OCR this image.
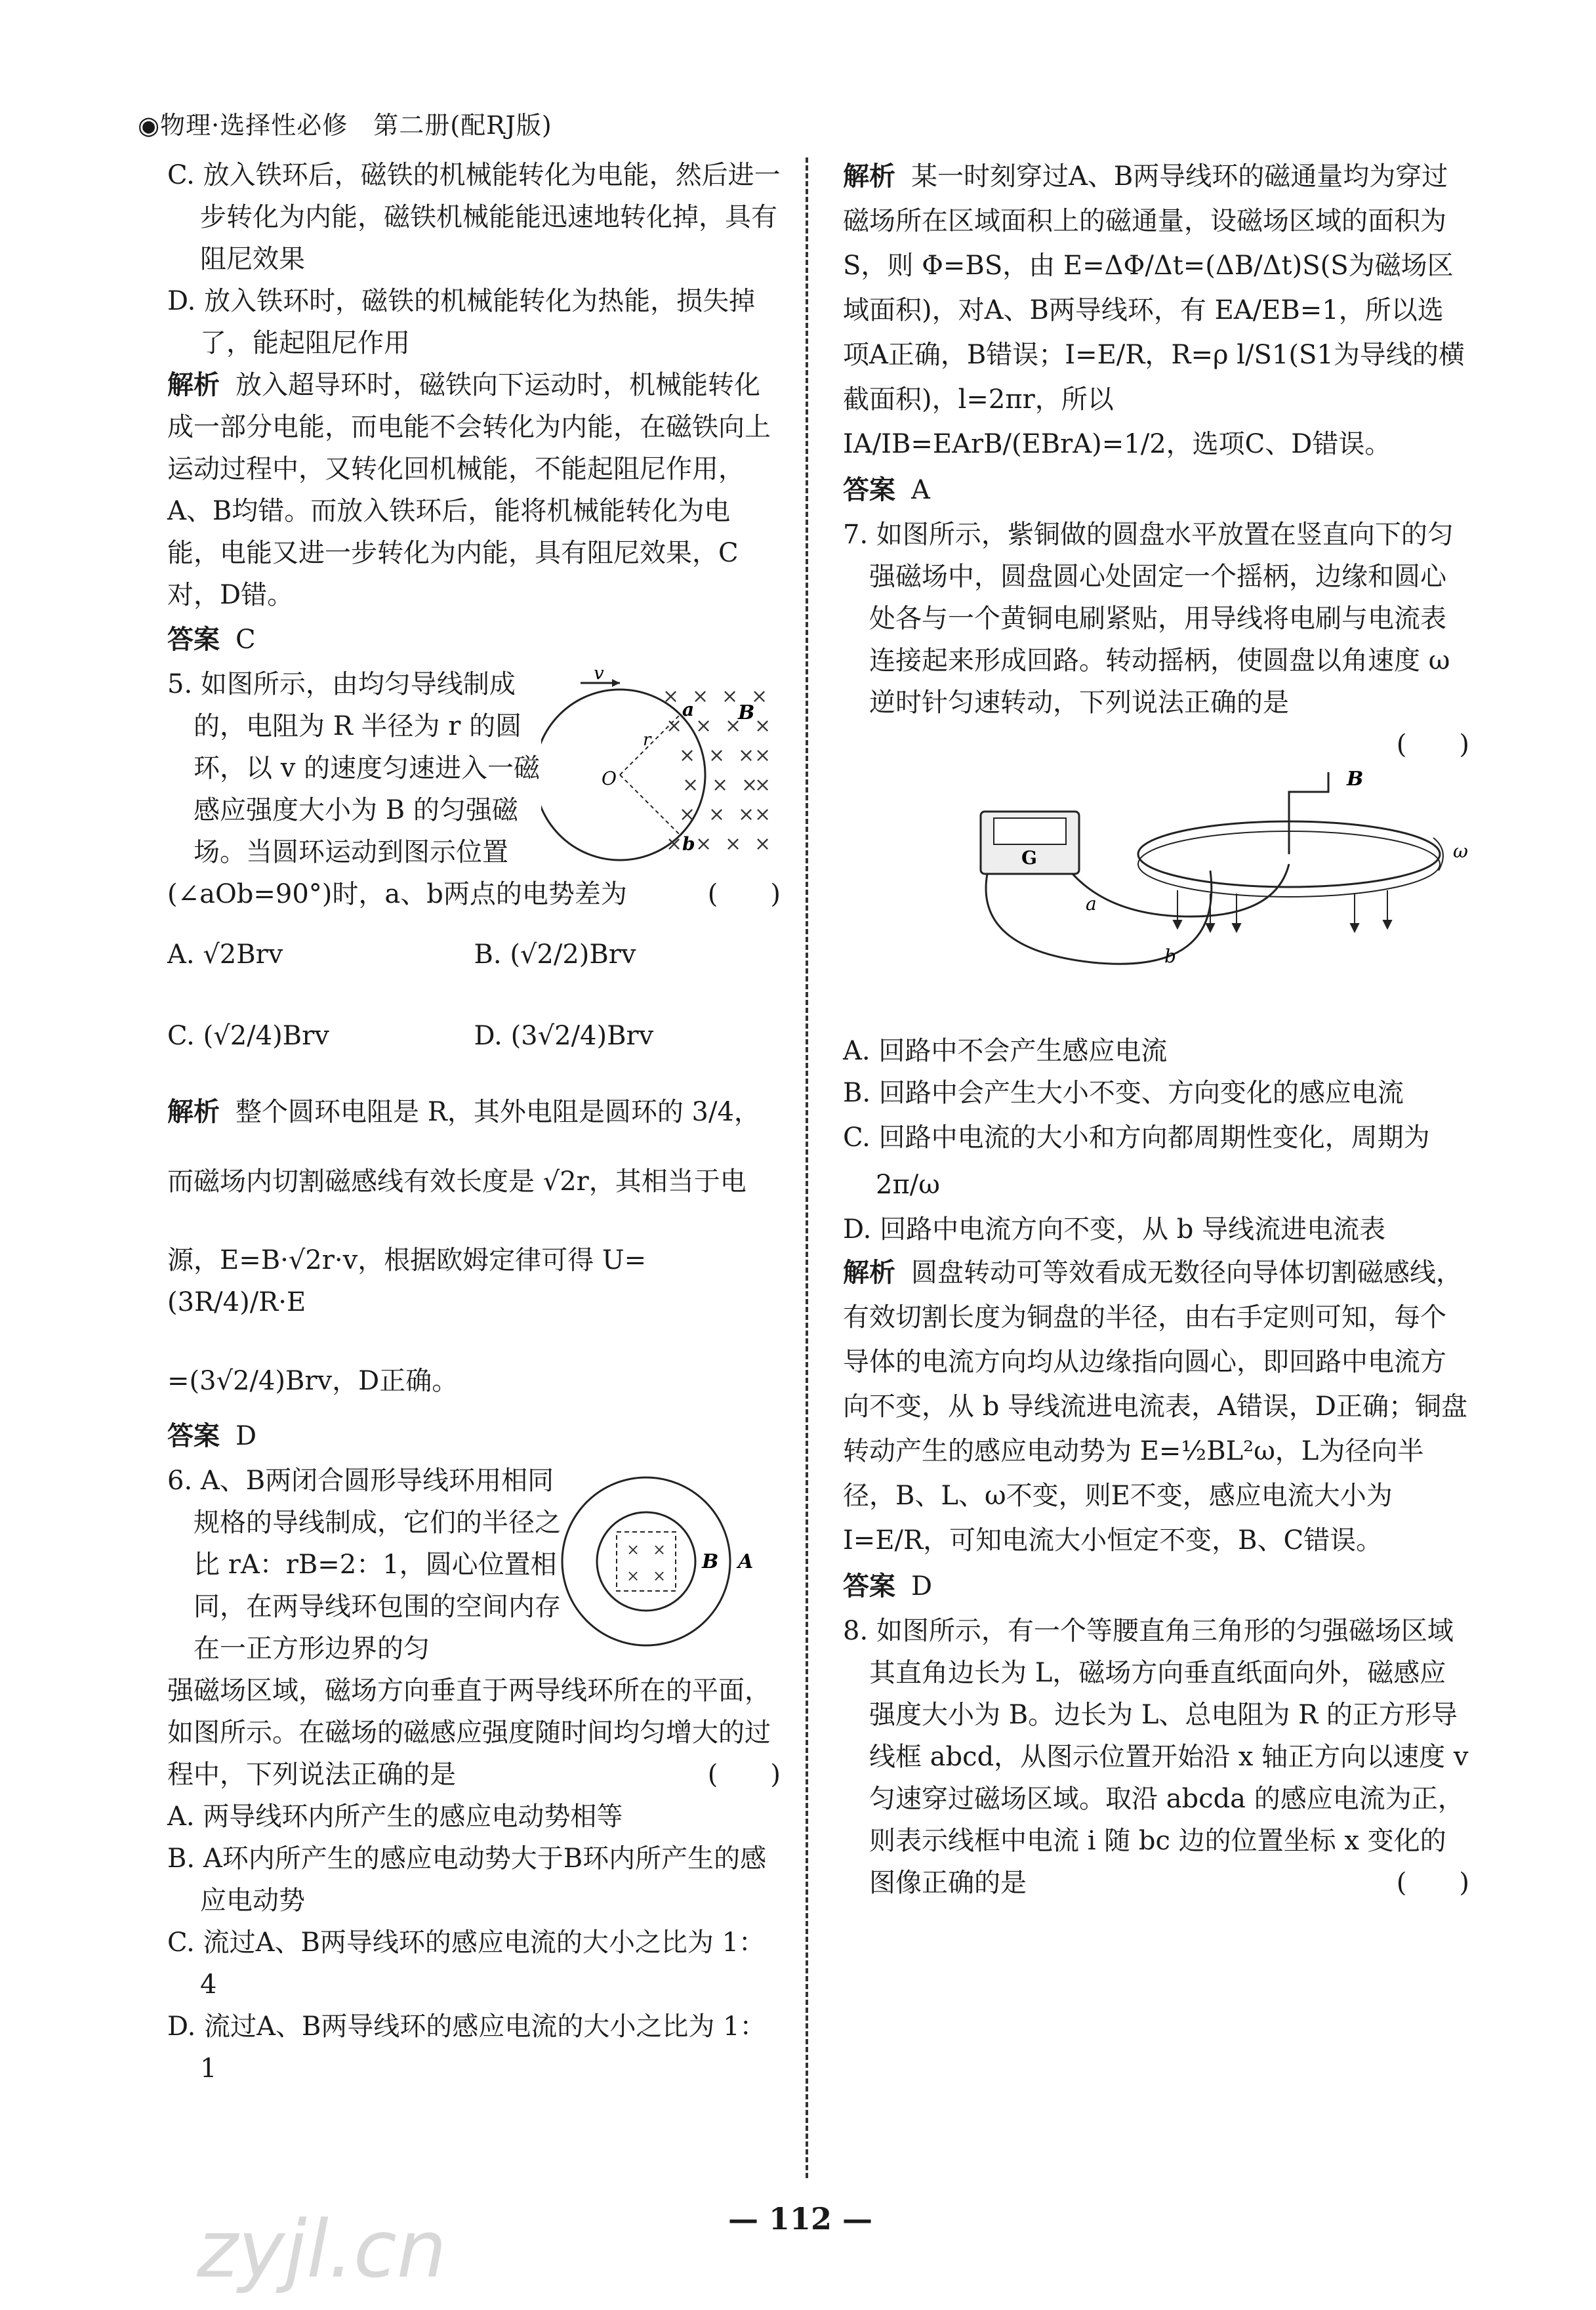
◉物理·选择性必修　第二册(配RJ版)

C. 放入铁环后，磁铁的机械能转化为电能，然后进一步转化为内能，磁铁机械能能迅速地转化掉，具有阻尼效果

D. 放入铁环时，磁铁的机械能转化为热能，损失掉了，能起阻尼作用

解析 放入超导环时，磁铁向下运动时，机械能转化成一部分电能，而电能不会转化为内能，在磁铁向上运动过程中，又转化回机械能，不能起阻尼作用，A、B均错。而放入铁环后，能将机械能转化为电能，电能又进一步转化为内能，具有阻尼效果，C对，D错。

答案 C

5. 如图所示，由均匀导线制成的，电阻为 R 半径为 r 的圆环，以 v 的速度匀速进入一磁感应强度大小为 B 的匀强磁场。当圆环运动到图示位置

v
× × × ×
× × × ×
× × × ×
× × ×
×
× × × ×
× × × ×
B
a
b
O
r

(∠aOb=90°)时，a、b两点的电势差为	(　　)

A. √2Brv	B. (√2/2)Brv
C. (√2/4)Brv	D. (3√2/4)Brv

解析 整个圆环电阻是 R，其外电阻是圆环的 3/4，

而磁场内切割磁感线有效长度是 √2r，其相当于电

源，E=B·√2r·v，根据欧姆定律可得 U=(3R/4)/R·E

=(3√2/4)Brv，D正确。

答案 D

6. A、B两闭合圆形导线环用相同规格的导线制成，它们的半径之比 rA：rB=2：1，圆心位置相同，在两导线环包围的空间内存在一正方形边界的匀

× ×
× ×
B A

强磁场区域，磁场方向垂直于两导线环所在的平面，如图所示。在磁场的磁感应强度随时间均匀增大的过程中，下列说法正确的是	(　　)

A. 两导线环内所产生的感应电动势相等

B. A环内所产生的感应电动势大于B环内所产生的感应电动势

C. 流过A、B两导线环的感应电流的大小之比为 1：4

D. 流过A、B两导线环的感应电流的大小之比为 1：1

解析 某一时刻穿过A、B两导线环的磁通量均为穿过磁场所在区域面积上的磁通量，设磁场区域的面积为 S，则 Φ=BS，由 E=ΔΦ/Δt=(ΔB/Δt)S(S为磁场区域面积)，对A、B两导线环，有 EA/EB=1，所以选项A正确，B错误；I=E/R，R=ρ l/S1(S1为导线的横截面积)，l=2πr，所以 IA/IB=EArB/(EBrA)=1/2，选项C、D错误。

答案 A

7. 如图所示，紫铜做的圆盘水平放置在竖直向下的匀强磁场中，圆盘圆心处固定一个摇柄，边缘和圆心处各与一个黄铜电刷紧贴，用导线将电刷与电流表连接起来形成回路。转动摇柄，使圆盘以角速度 ω 逆时针匀速转动，下列说法正确的是

(　　)

B
ω
G
a
b

A. 回路中不会产生感应电流

B. 回路中会产生大小不变、方向变化的感应电流

C. 回路中电流的大小和方向都周期性变化，周期为 2π/ω

D. 回路中电流方向不变，从 b 导线流进电流表

解析 圆盘转动可等效看成无数径向导体切割磁感线，有效切割长度为铜盘的半径，由右手定则可知，每个导体的电流方向均从边缘指向圆心，即回路中电流方向不变，从 b 导线流进电流表，A错误，D正确；铜盘转动产生的感应电动势为 E=½BL²ω，L为径向半径，B、L、ω不变，则E不变，感应电流大小为 I=E/R，可知电流大小恒定不变，B、C错误。

答案 D

8. 如图所示，有一个等腰直角三角形的匀强磁场区域其直角边长为 L，磁场方向垂直纸面向外，磁感应强度大小为 B。边长为 L、总电阻为 R 的正方形导线框 abcd，从图示位置开始沿 x 轴正方向以速度 v 匀速穿过磁场区域。取沿 abcda 的感应电流为正，则表示线框中电流 i 随 bc 边的位置坐标 x 变化的图像正确的是	(　　)

— 112 —
zyjl.cn
